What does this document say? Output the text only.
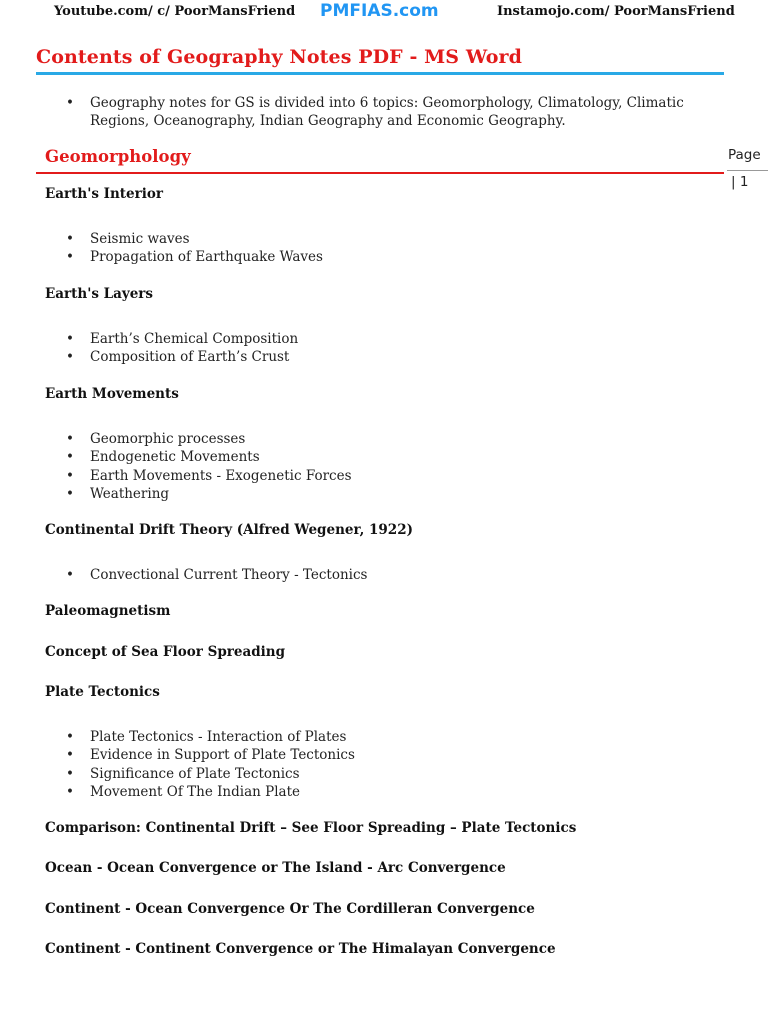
Youtube.com/ c/ PoorMansFriend PMFIAS.com	Instamojo.com/ PoorMansFriend
Contents of Geography Notes PDF - MS Word
• Geography notes for GS is divided into 6 topics: Geomorphology, Climatology, Climatic Regions, Oceanography, Indian Geography and Economic Geography.
Geomorphology	Page
| 1
Earth's Interior
• Seismic waves
• Propagation of Earthquake Waves
Earth's Layers
• Earth’s Chemical Composition
• Composition of Earth’s Crust
Earth Movements
• Geomorphic processes
• Endogenetic Movements
• Earth Movements - Exogenetic Forces
• Weathering
Continental Drift Theory (Alfred Wegener, 1922)
• Convectional Current Theory - Tectonics
Paleomagnetism
Concept of Sea Floor Spreading
Plate Tectonics
• Plate Tectonics - Interaction of Plates
• Evidence in Support of Plate Tectonics
• Significance of Plate Tectonics
• Movement Of The Indian Plate
Comparison: Continental Drift – See Floor Spreading – Plate Tectonics
Ocean - Ocean Convergence or The Island - Arc Convergence
Continent - Ocean Convergence Or The Cordilleran Convergence
Continent - Continent Convergence or The Himalayan Convergence
